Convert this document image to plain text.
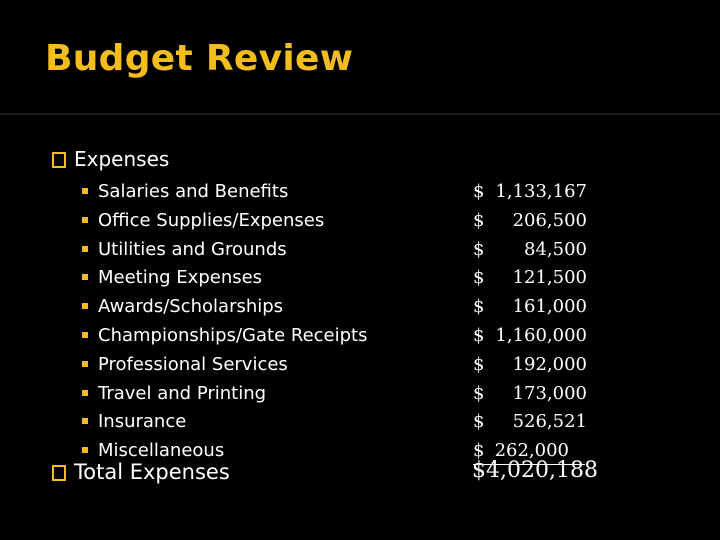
Budget Review
Expenses
Salaries and Benefits
Office Supplies/Expenses
Utilities and Grounds
Meeting Expenses
Awards/Scholarships
Championships/Gate Receipts
Professional Services
Travel and Printing
Insurance
Miscellaneous
$ 1,133,167
$ 206,500
$ 84,500
$ 121,500
$ 161,000
$ 1,160,000
$ 192,000
$ 173,000
$ 526,521
$ 262,000
Total Expenses	$4,020,188
